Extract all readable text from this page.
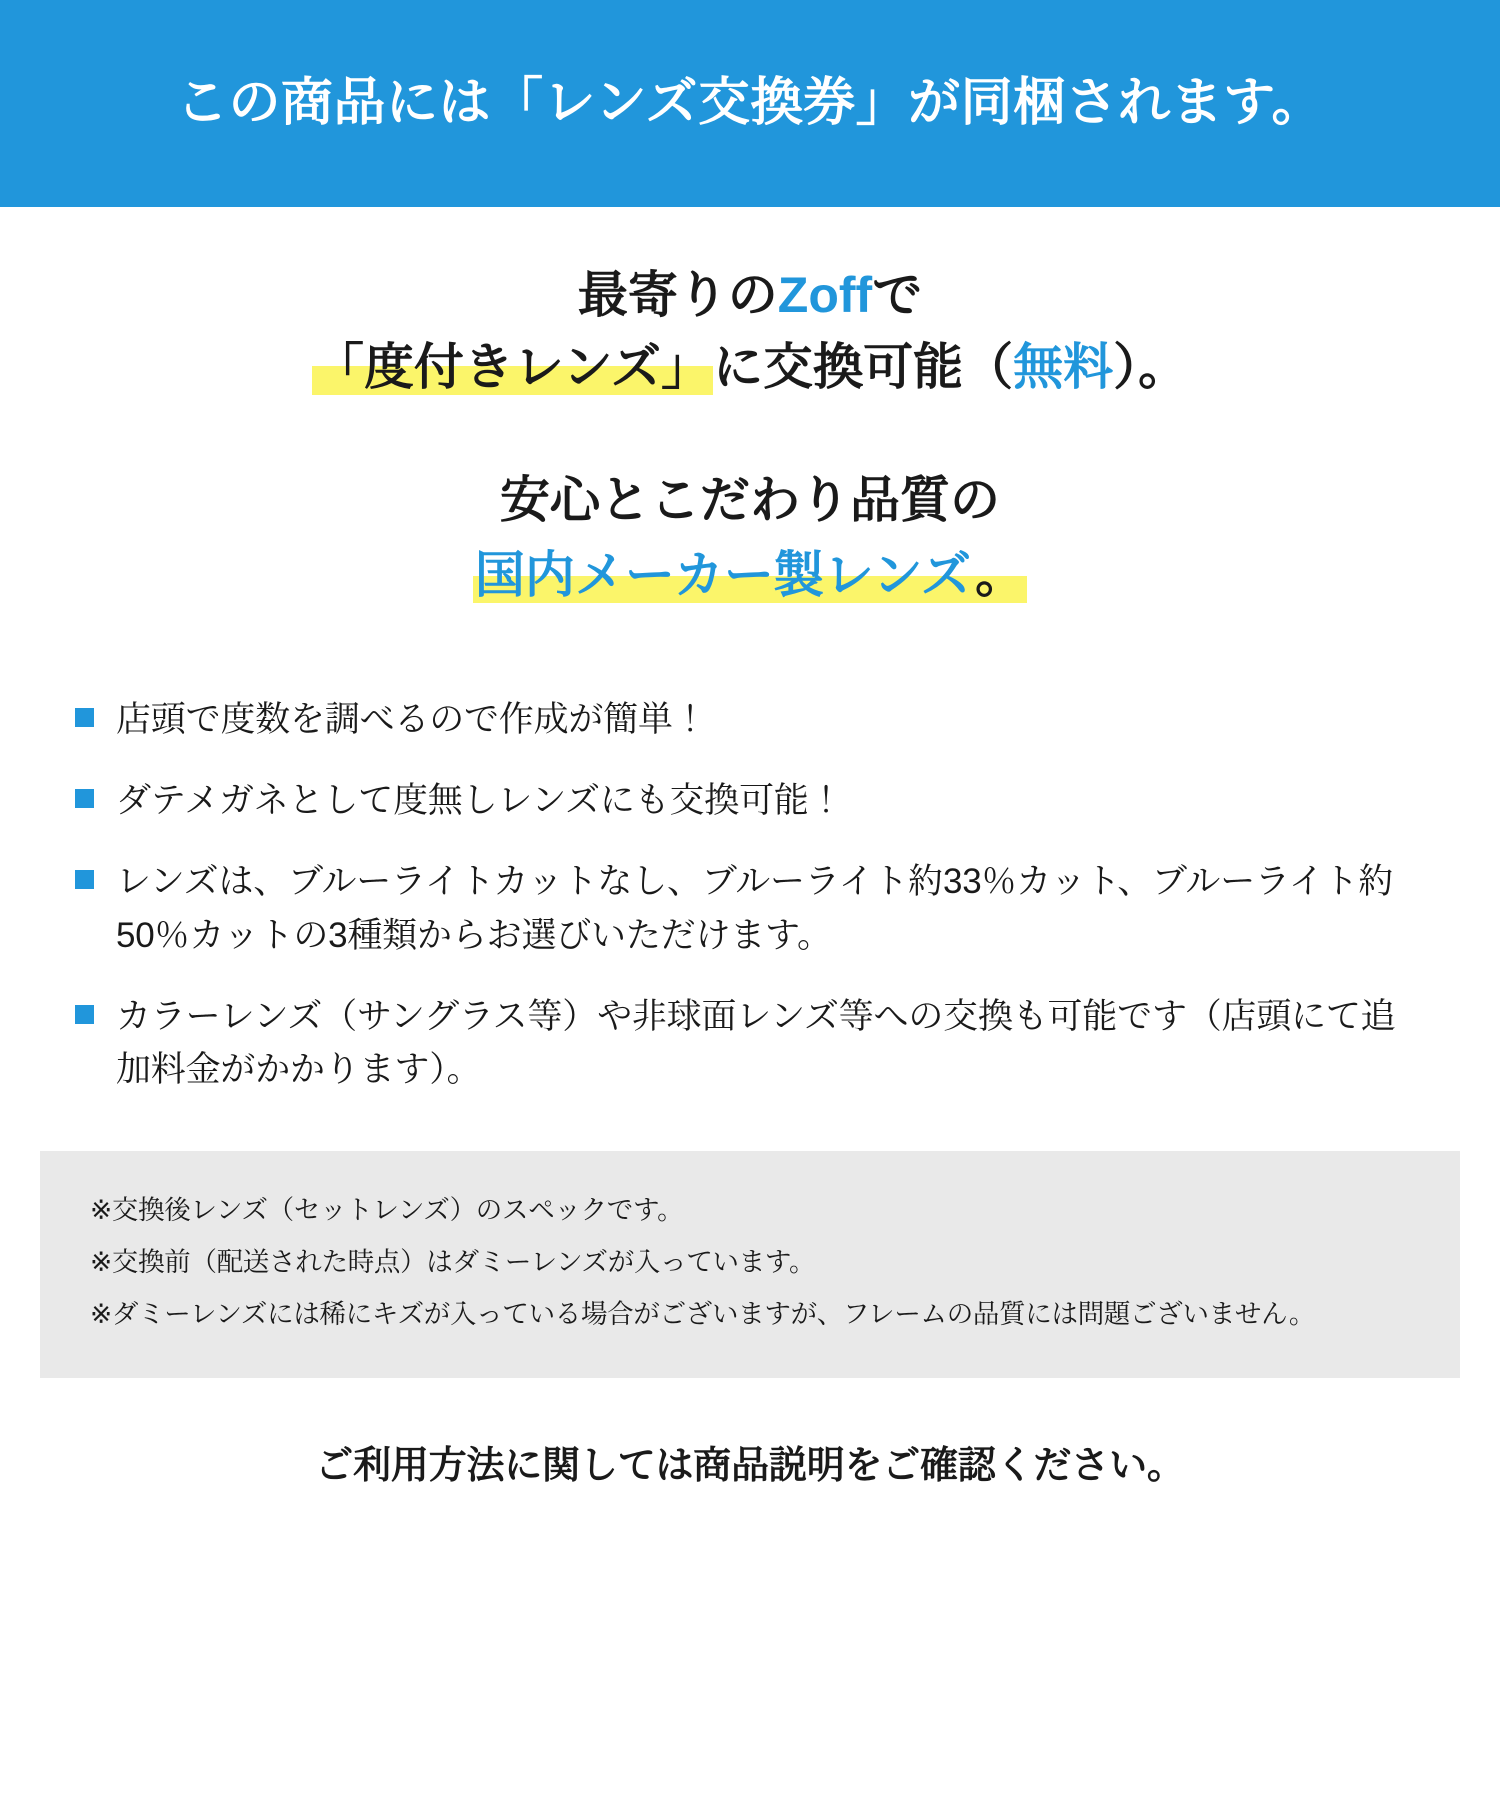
この商品には「レンズ交換券」が同梱されます。
最寄りのZoffで
「度付きレンズ」に交換可能（無料）。
安心とこだわり品質の
国内メーカー製レンズ。
店頭で度数を調べるので作成が簡単！
ダテメガネとして度無しレンズにも交換可能！
レンズは、ブルーライトカットなし、ブルーライト約33％カット、ブルーライト約50％カットの3種類からお選びいただけます。
カラーレンズ（サングラス等）や非球面レンズ等への交換も可能です（店頭にて追加料金がかかります）。

※交換後レンズ（セットレンズ）のスペックです。

※交換前（配送された時点）はダミーレンズが入っています。

※ダミーレンズには稀にキズが入っている場合がございますが、フレームの品質には問題ございません。

ご利用方法に関しては商品説明をご確認ください。
